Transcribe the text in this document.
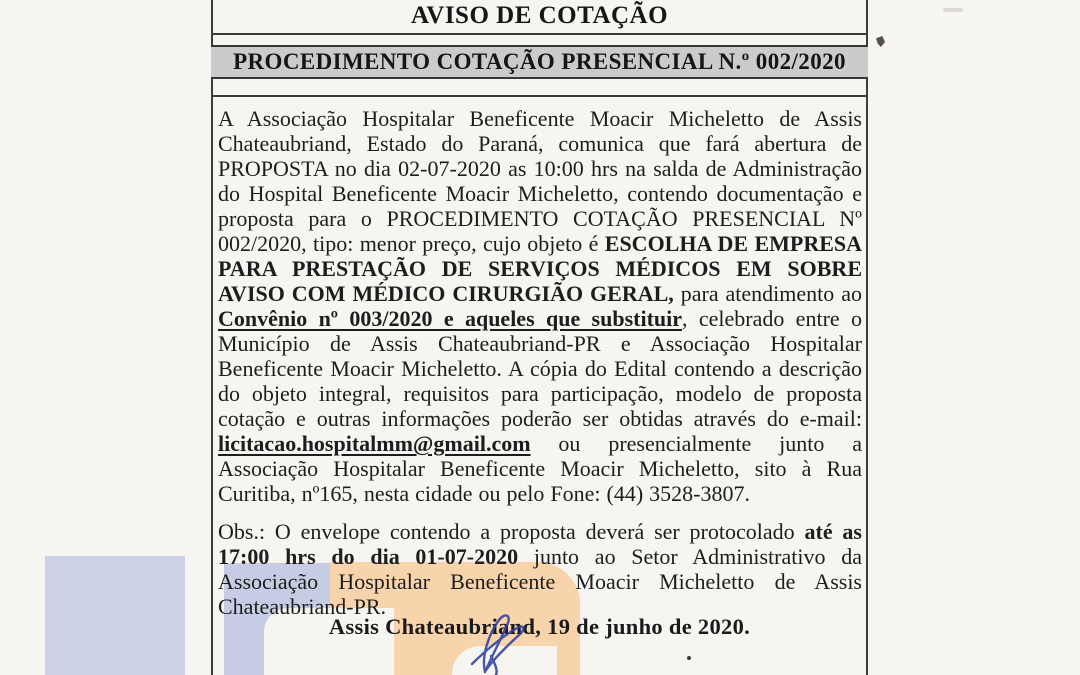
AVISO DE COTAÇÃO
PROCEDIMENTO COTAÇÃO PRESENCIAL N.º 002/2020

A Associação Hospitalar Beneficente Moacir Micheletto de Assis Chateaubriand, Estado do Paraná, comunica que fará abertura de PROPOSTA no dia 02-07-2020 as 10:00 hrs na salda de Administração do Hospital Beneficente Moacir Micheletto, contendo documentação e proposta para o PROCEDIMENTO COTAÇÃO PRESENCIAL Nº 002/2020, tipo: menor preço, cujo objeto é ESCOLHA DE EMPRESA PARA PRESTAÇÃO DE SERVIÇOS MÉDICOS EM SOBRE AVISO COM MÉDICO CIRURGIÃO GERAL, para atendimento ao Convênio nº 003/2020 e aqueles que substituir, celebrado entre o Município de Assis Chateaubriand-PR e Associação Hospitalar Beneficente Moacir Micheletto. A cópia do Edital contendo a descrição do objeto integral, requisitos para participação, modelo de proposta cotação e outras informações poderão ser obtidas através do e-mail: licitacao.hospitalmm@gmail.com ou presencialmente junto a Associação Hospitalar Beneficente Moacir Micheletto, sito à Rua Curitiba, nº165, nesta cidade ou pelo Fone: (44) 3528-3807.

Obs.: O envelope contendo a proposta deverá ser protocolado até as 17:00 hrs do dia 01-07-2020 junto ao Setor Administrativo da Associação Hospitalar Beneficente Moacir Micheletto de Assis Chateaubriand-PR.

Assis Chateaubriand, 19 de junho de 2020.
